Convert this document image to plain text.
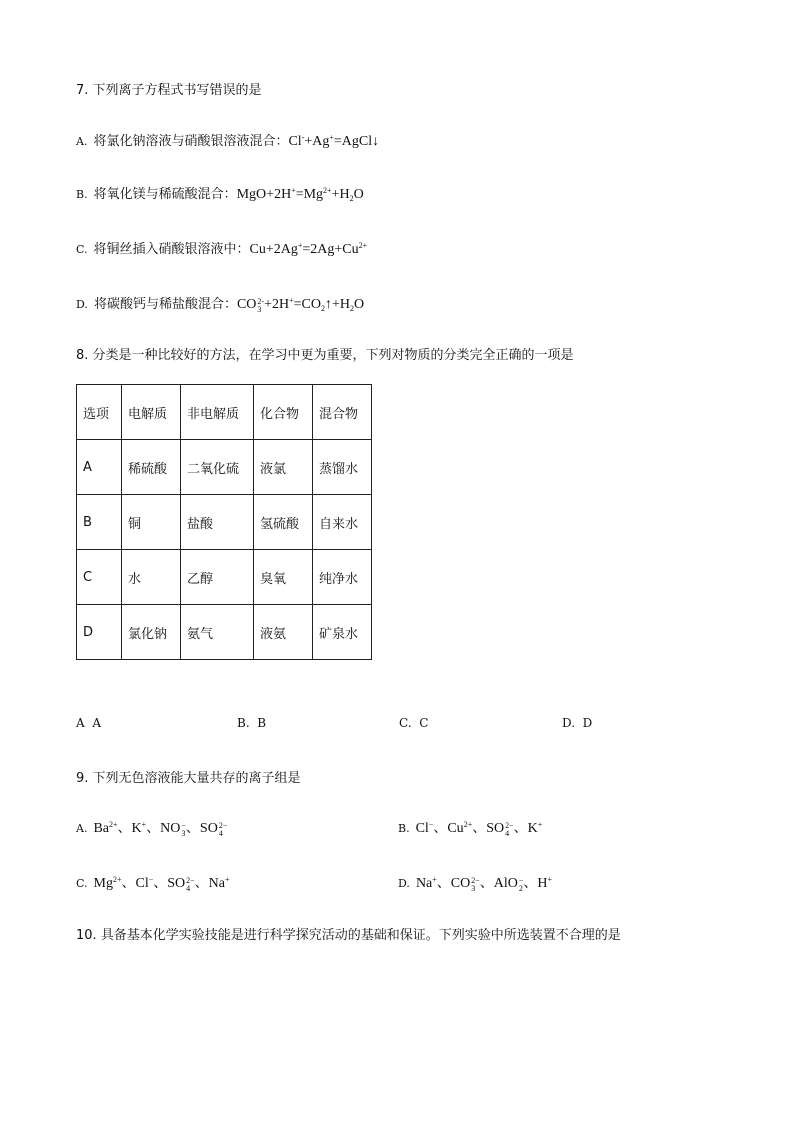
7. 下列离子方程式书写错误的是
A. 将氯化钠溶液与硝酸银溶液混合：Cl-+Ag+=AgCl↓
B. 将氧化镁与稀硫酸混合：$MgO+2H^+=Mg^{2+}+H_2O$
C. 将铜丝插入硝酸银溶液中：$Cu+2Ag^+=2Ag+Cu^{2+}$
D. 将碳酸钙与稀盐酸混合：CO 2-
$3 +2H^+=CO_2↑+H_2O$
8. 分类是一种比较好的方法，在学习中更为重要，下列对物质的分类完全正确的一项是
选项	电解质	非电解质	化合物	混合物
A	稀硫酸	二氧化硫	液氯	蒸馏水
B	铜	盐酸	氢硫酸	自来水
C	水	乙醇	臭氧	纯净水
D	氯化钠	氨气	液氨	矿泉水
A A	B. B	C. C	D. D
9. 下列无色溶液能大量共存的离子组是
A. $Ba^{2+}$、K+、NO −
3 、SO 2−
4	B. Cl−、$Cu^{2+}$、SO 2−
4 、K+
C. $Mg^{2+}$、Cl−、SO 2−
4 、Na+	D. Na+、CO 2−
3 、AlO −
2 、H+
10. 具备基本化学实验技能是进行科学探究活动的基础和保证。下列实验中所选装置不合理的是
